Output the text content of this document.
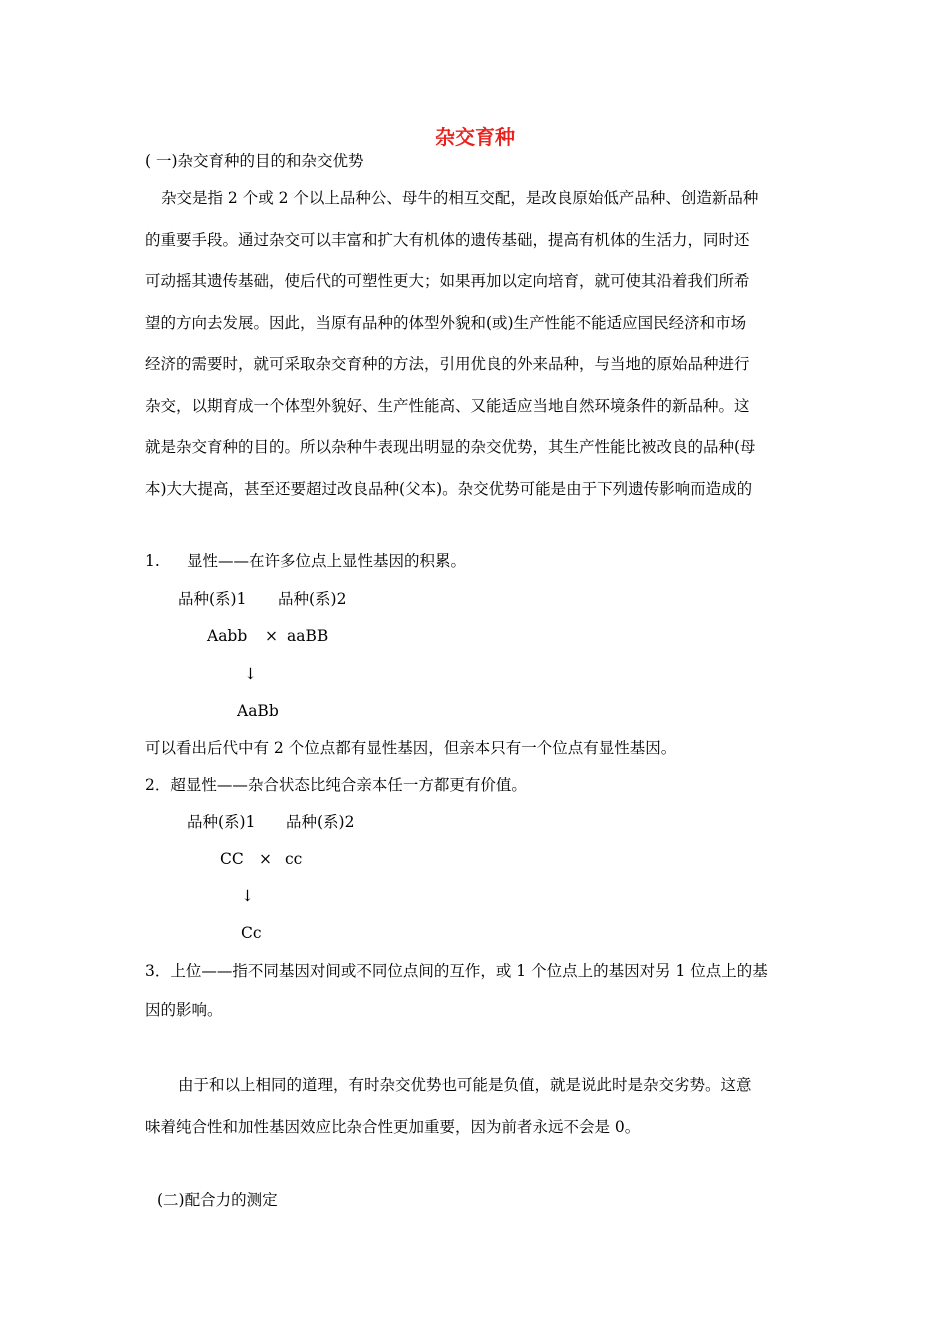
杂交育种
( 一)杂交育种的目的和杂交优势
杂交是指 2 个或 2 个以上品种公、母牛的相互交配，是改良原始低产品种、创造新品种
的重要手段。通过杂交可以丰富和扩大有机体的遗传基础，提高有机体的生活力，同时还
可动摇其遗传基础，使后代的可塑性更大；如果再加以定向培育，就可使其沿着我们所希
望的方向去发展。因此，当原有品种的体型外貌和(或)生产性能不能适应国民经济和市场
经济的需要时，就可采取杂交育种的方法，引用优良的外来品种，与当地的原始品种进行
杂交，以期育成一个体型外貌好、生产性能高、又能适应当地自然环境条件的新品种。这
就是杂交育种的目的。所以杂种牛表现出明显的杂交优势，其生产性能比被改良的品种(母
本)大大提高，甚至还要超过改良品种(父本)。杂交优势可能是由于下列遗传影响而造成的
1. 显性——在许多位点上显性基因的积累。
品种(系)1 品种(系)2
Aabb × aaBB
↓
AaBb
可以看出后代中有 2 个位点都有显性基因，但亲本只有一个位点有显性基因。
2．超显性——杂合状态比纯合亲本任一方都更有价值。
品种(系)1 品种(系)2
CC × cc
↓
Cc
3．上位——指不同基因对间或不同位点间的互作，或 1 个位点上的基因对另 1 位点上的基
因的影响。
由于和以上相同的道理，有时杂交优势也可能是负值，就是说此时是杂交劣势。这意
味着纯合性和加性基因效应比杂合性更加重要，因为前者永远不会是 0。
(二)配合力的测定
